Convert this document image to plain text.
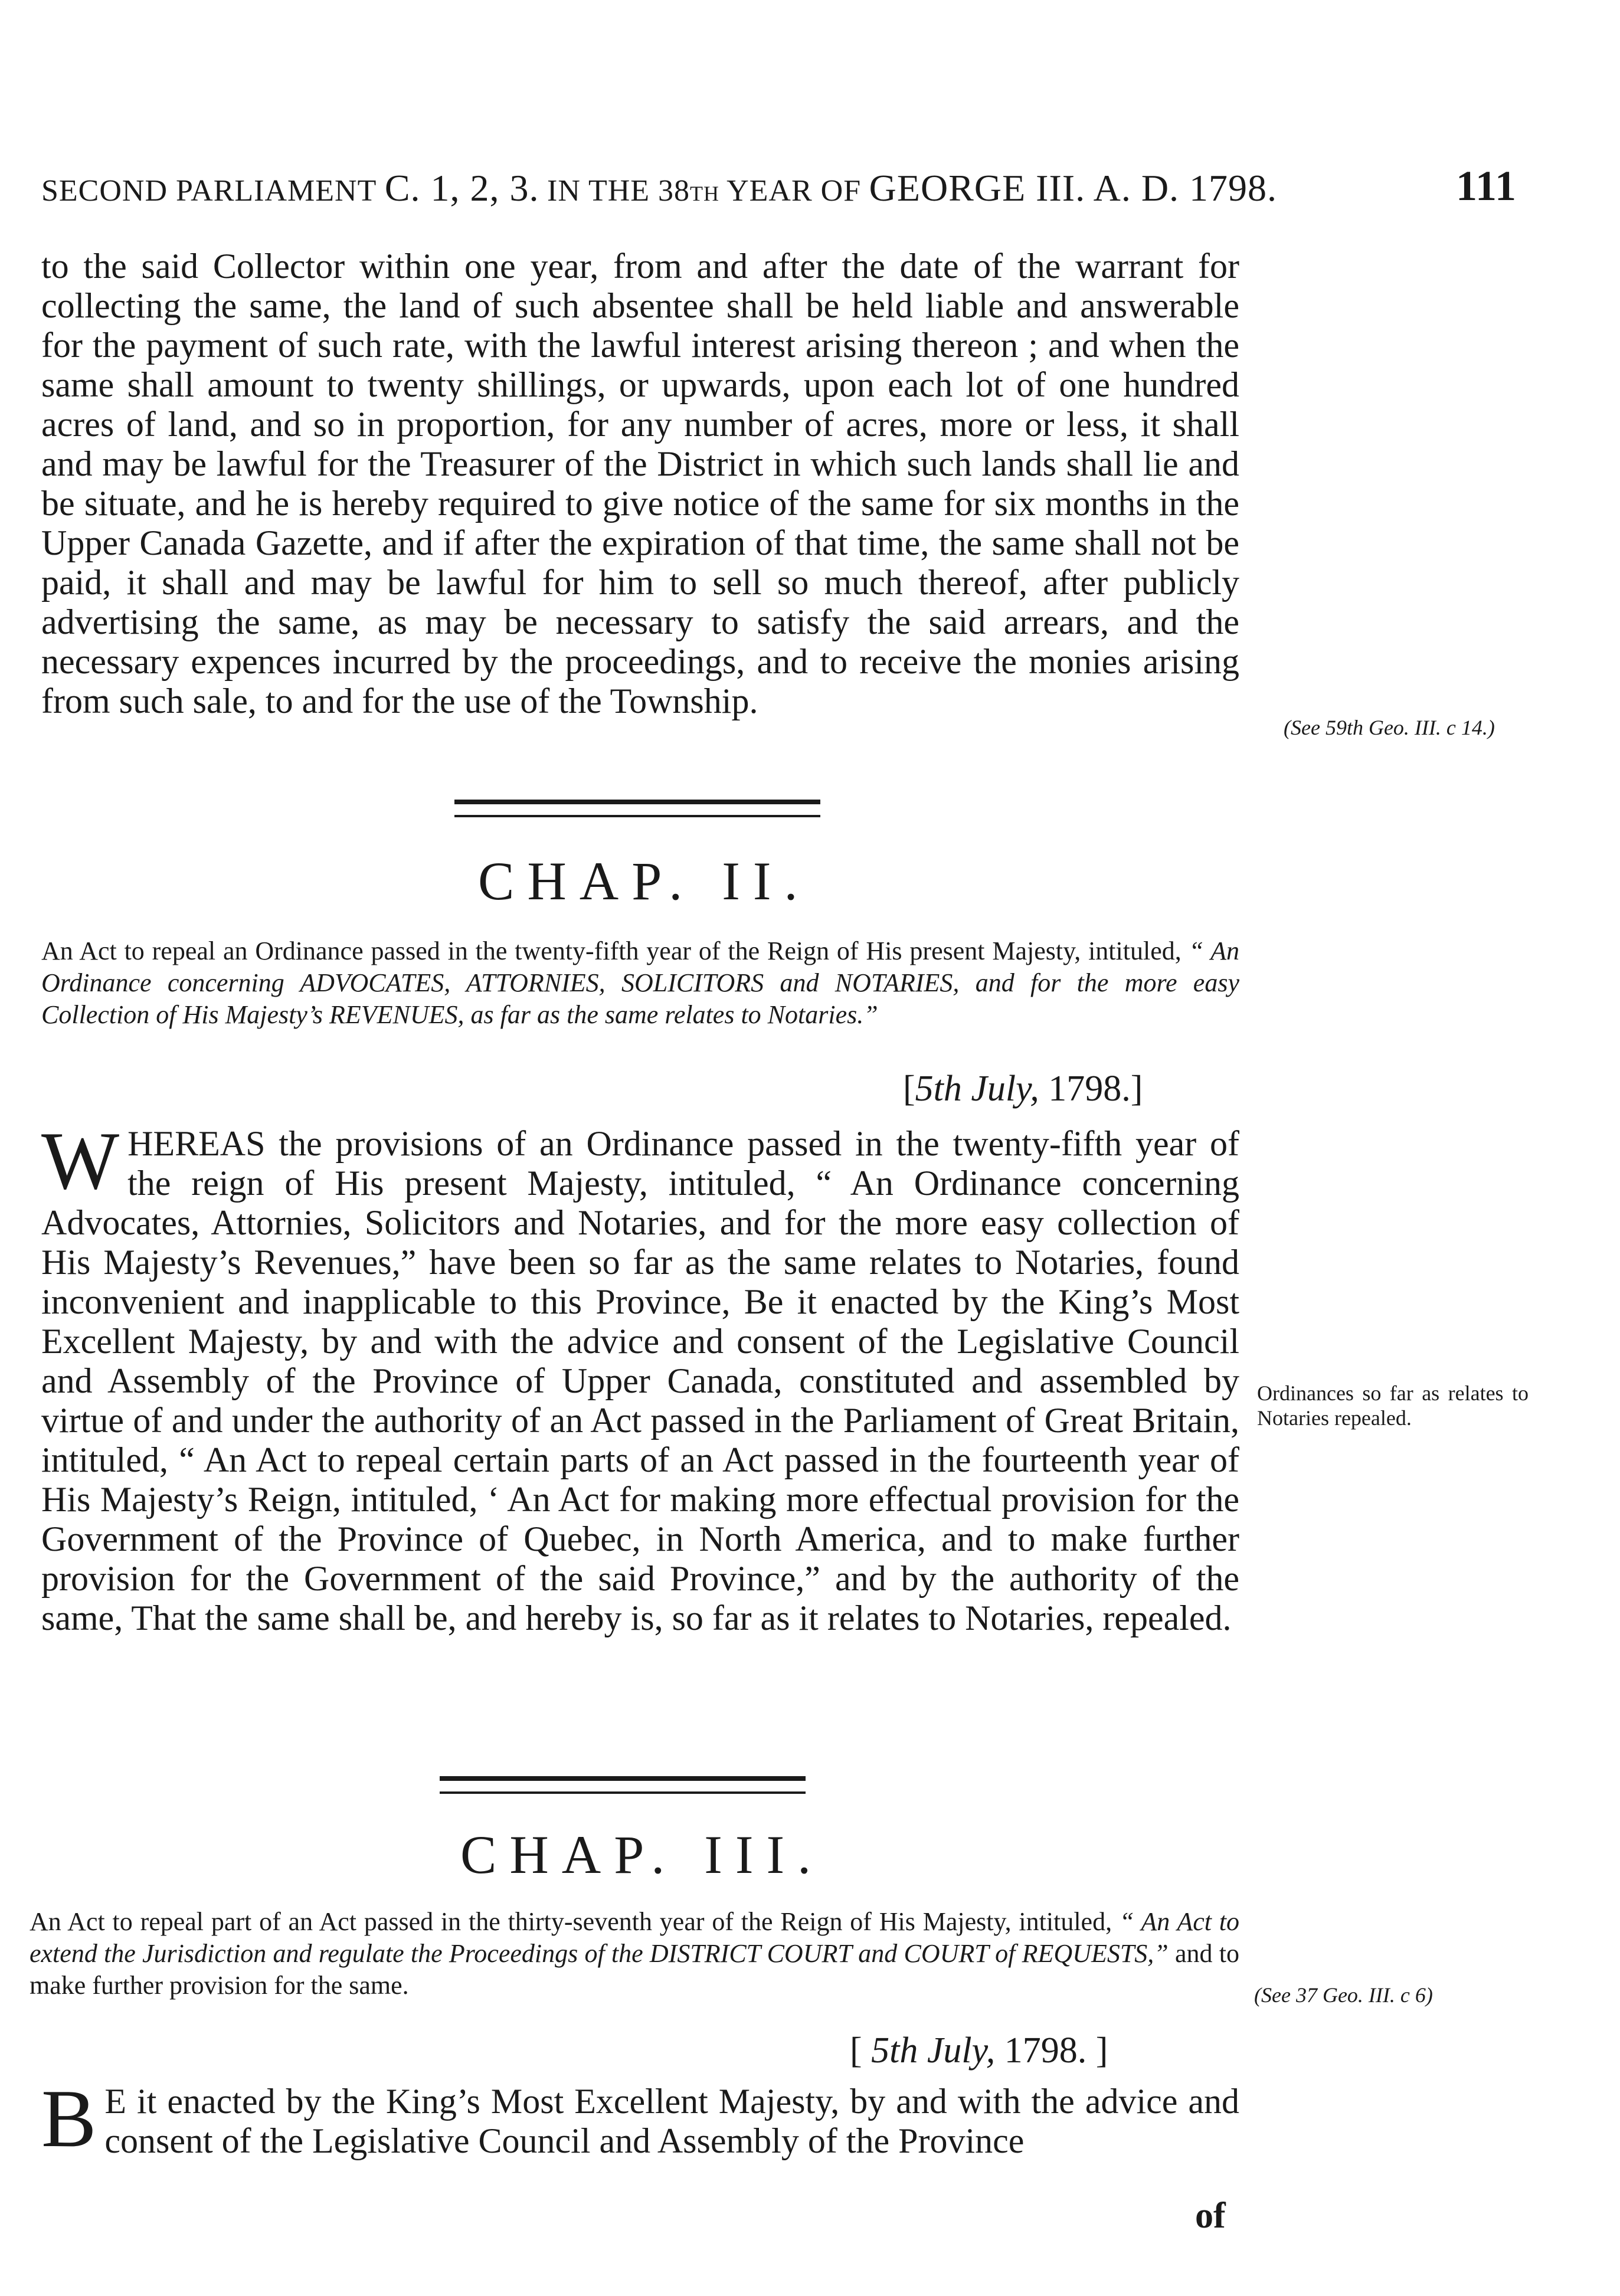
SECOND PARLIAMENT C. 1, 2, 3. IN THE 38th YEAR OF GEORGE III. A. D. 1798.	111
to the said Collector within one year, from and after the date of the warrant for collecting the same, the land of such absentee shall be held liable and answerable for the payment of such rate, with the lawful interest arising thereon ; and when the same shall amount to twenty shillings, or upwards, upon each lot of one hundred acres of land, and so in proportion, for any number of acres, more or less, it shall and may be lawful for the Treasurer of the District in which such lands shall lie and be situate, and he is hereby required to give notice of the same for six months in the Upper Canada Gazette, and if after the expiration of that time, the same shall not be paid, it shall and may be lawful for him to sell so much thereof, after publicly advertising the same, as may be necessary to satisfy the said arrears, and the necessary expences incurred by the proceedings, and to receive the monies arising from such sale, to and for the use of the Township.
(See 59th Geo. III. c 14.)
CHAP. II.
An Act to repeal an Ordinance passed in the twenty-fifth year of the Reign of His present Majesty, intituled, “ An Ordinance concerning ADVOCATES, ATTORNIES, SOLICITORS and NOTARIES, and for the more easy Collection of His Majesty’s REVENUES, as far as the same relates to Notaries.”
[5th July, 1798.]
WHEREAS the provisions of an Ordinance passed in the twenty-fifth year of the reign of His present Majesty, intituled, “ An Ordinance concerning Advocates, Attornies, Solicitors and Notaries, and for the more easy collection of His Majesty’s Revenues,” have been so far as the same relates to Notaries, found inconvenient and inapplicable to this Province, Be it enacted by the King’s Most Excellent Majesty, by and with the advice and consent of the Legislative Council and Assembly of the Province of Upper Canada, constituted and assembled by virtue of and under the authority of an Act passed in the Parliament of Great Britain, intituled, “ An Act to repeal certain parts of an Act passed in the fourteenth year of His Majesty’s Reign, intituled, ‘ An Act for making more effectual provision for the Government of the Province of Quebec, in North America, and to make further provision for the Government of the said Province,” and by the authority of the same, That the same shall be, and hereby is, so far as it relates to Notaries, repealed.
Ordinances so far as relates to Notaries repealed.
CHAP. III.
An Act to repeal part of an Act passed in the thirty-seventh year of the Reign of His Majesty, intituled, “ An Act to extend the Jurisdiction and regulate the Proceedings of the DISTRICT COURT and COURT of REQUESTS,” and to make further provision for the same.	(See 37 Geo. III. c 6)
[ 5th July, 1798. ]
B E it enacted by the King’s Most Excellent Majesty, by and with the advice and consent of the Legislative Council and Assembly of the Province
of
